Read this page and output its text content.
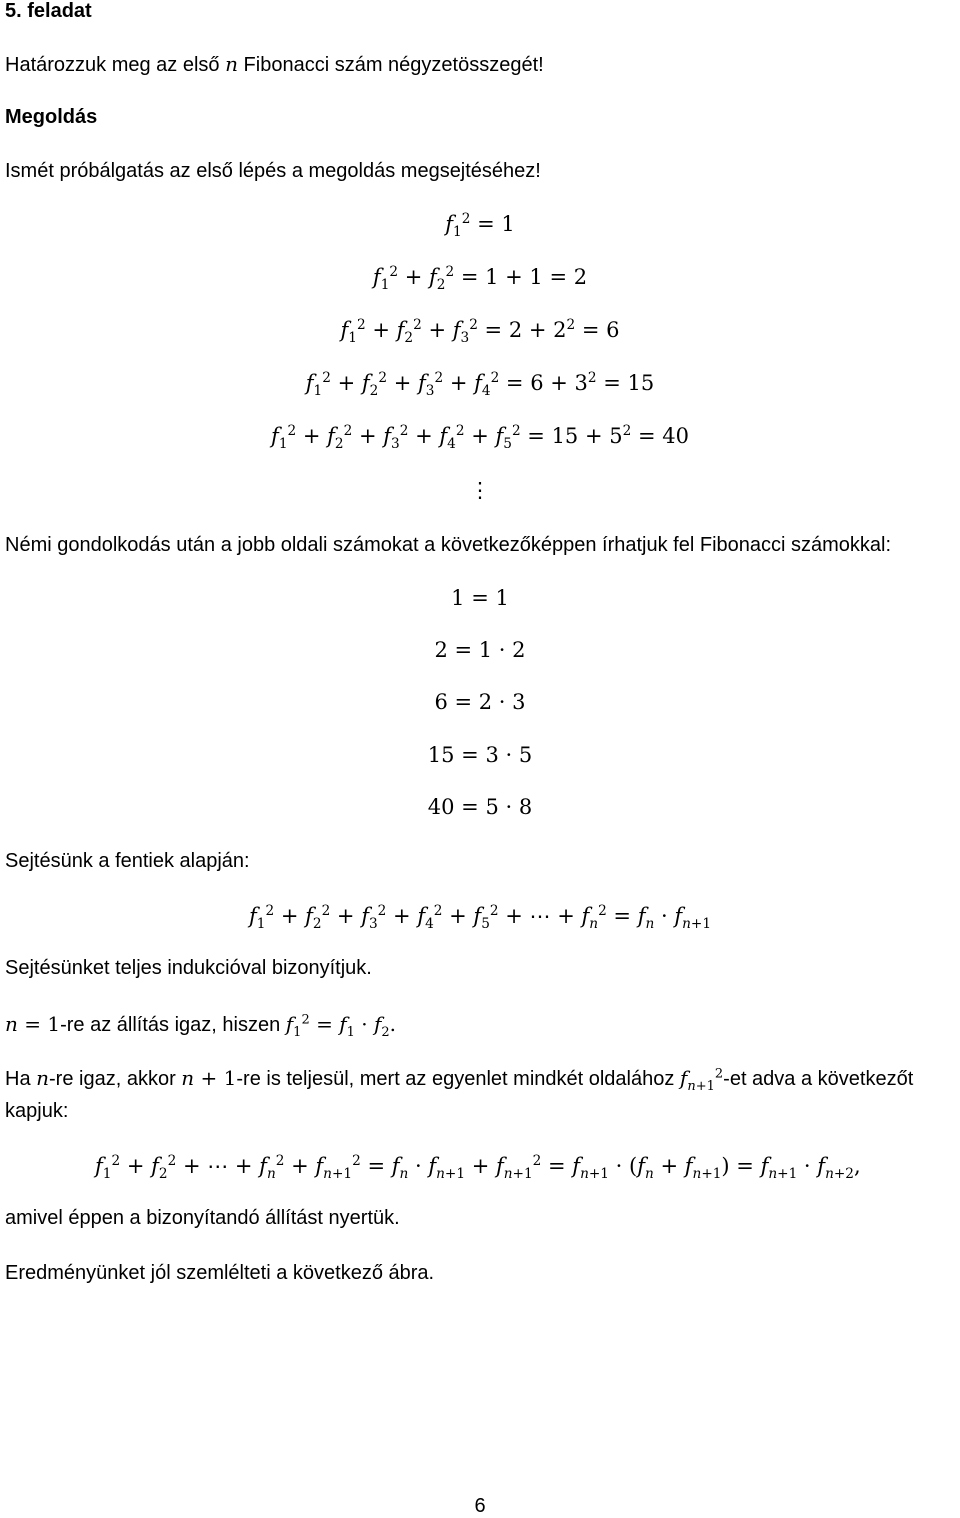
5. feladat
Határozzuk meg az első n Fibonacci szám négyzetösszegét!
Megoldás
Ismét próbálgatás az első lépés a megoldás megsejtéséhez!
$f_1^2 = 1$
$f_1^2 + f_2^2 = 1 + 1 = 2$
$f_1^2 + f_2^2 + f_3^2 = 2 + 2^2 = 6$
$f_1^2 + f_2^2 + f_3^2 + f_4^2 = 6 + 3^2 = 15$
$f_1^2 + f_2^2 + f_3^2 + f_4^2 + f_5^2 = 15 + 5^2 = 40$
⋮
Némi gondolkodás után a jobb oldali számokat a következőképpen írhatjuk fel Fibonacci számokkal:
1 = 1
2 = 1 · 2
6 = 2 · 3
15 = 3 · 5
40 = 5 · 8
Sejtésünk a fentiek alapján:
$f_1^2 + f_2^2 + f_3^2 + f_4^2 + f_5^2$ + ⋯ + $f_n^2 = f_n \cdot f_{n+1}$
Sejtésünket teljes indukcióval bizonyítjuk.
n = 1-re az állítás igaz, hiszen $f_1^2 = f_1 \cdot f_2$.
Ha n-re igaz, akkor n + 1-re is teljesül, mert az egyenlet mindkét oldalához $f_{n+1}^2-et$ adva a következőt
kapjuk:
$f_1^2 + f_2^2$ + ⋯ + $f_n^2 + f_{n+1}^2 = f_n \cdot f_{n+1} + f_{n+1}^2 = f_{n+1} \cdot (f_n + f_{n+1}) = f_{n+1} \cdot f_{n+2}$,
amivel éppen a bizonyítandó állítást nyertük.
Eredményünket jól szemlélteti a következő ábra.
6
